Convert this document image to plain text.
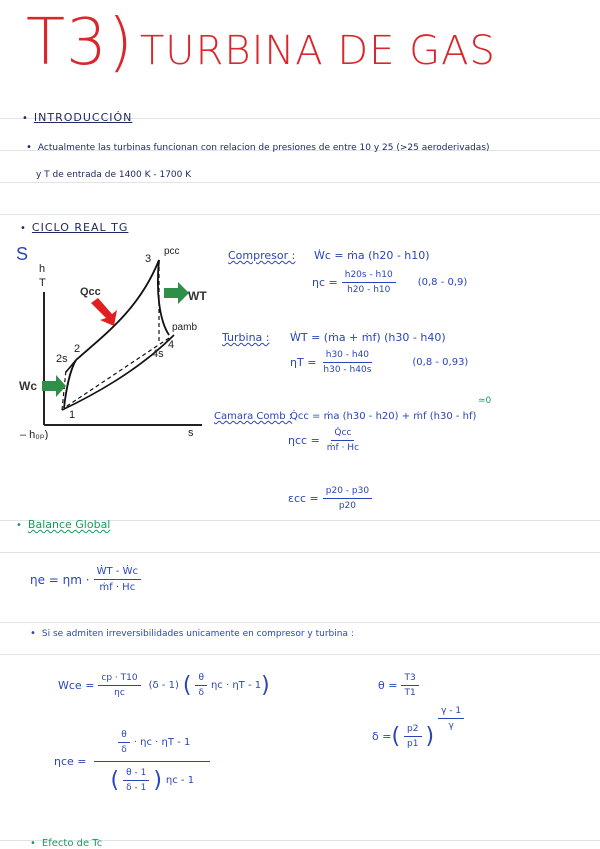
T3) TURBINA DE GAS
• INTRODUCCIÓN
• Actualmente las turbinas funcionan con relacion de presiones de entre 10 y 25 (>25 aeroderivadas)
y T de entrada de 1400 K - 1700 K
• CICLO REAL TG
S
h
T
s
3
pcc
2
2s
1
4
4s
pamb
Qcc	WT
Wc
– h₀ₚ)
Compresor : Ẇc = ṁa (h20 - h10)
$\eta c = \frac{h20s - h10}{h20 - h10} (0,8 - 0,9)$
Turbina : ẆT = (ṁa + ṁf) (h30 - h40)
$\eta T = \frac{h30 - h40}{h30 - h40s}$	(0,8 - 0,93)
Camara Comb :
Q̇cc = ṁa (h30 - h20) + ṁf (h30 - hf)
≃0
$\eta cc = \frac{Q̇cc}{\text{ṁf · Hc}}$
$\varepsilon cc = \frac{p20 - p30}{p20}$
• Balance Global
$\eta e = \eta m \cdot \frac{\text{ẆT - Ẇc}}{\text{ṁf · Hc}}$
• Si se admiten irreversibilidades unicamente en compresor y turbina :
Wce = $\frac{cp \cdot T10}{\eta c} (\delta - 1)$ ( $\frac{\theta}{\delta}$ ηc · ηT - 1 )	$\theta = \frac{T3}{T1}$
δ = ( $\frac{p2}{p1}$ )
$\frac{\gamma - 1}{\gamma}$
ηce =
$\frac{\theta}{\delta} \cdot \eta c \cdot \eta T - 1$
( $\frac{\theta - 1}{\delta - 1}$ ) ηc - 1
• Efecto de Tc
